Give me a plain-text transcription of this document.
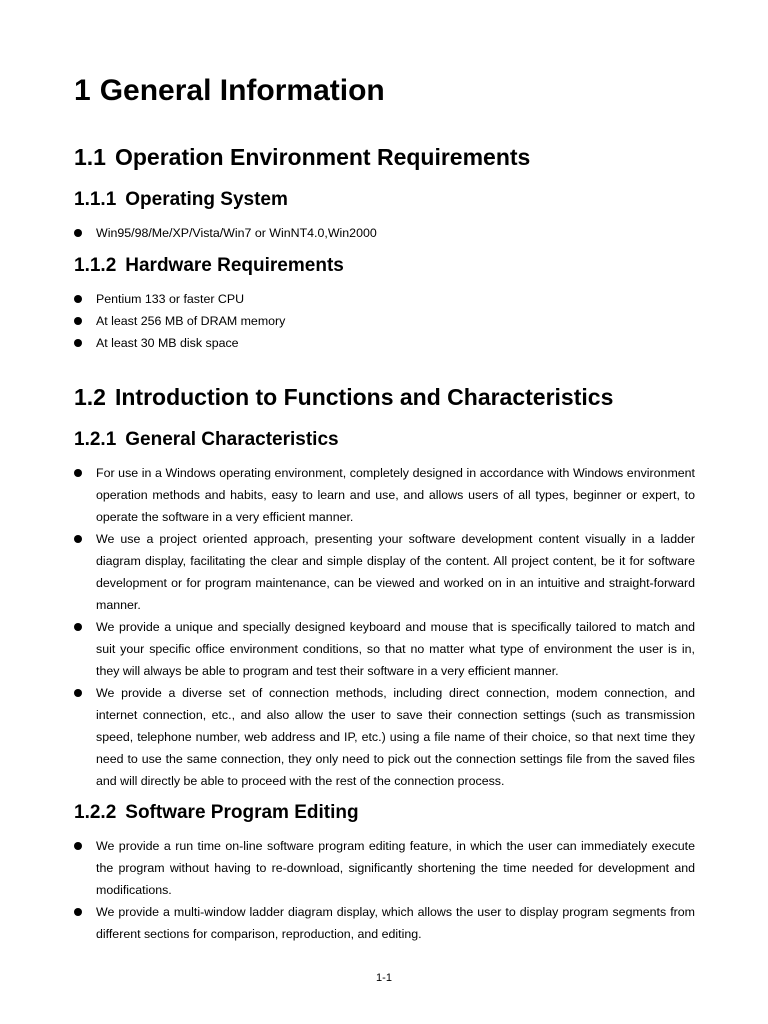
1 General Information
1.1 Operation Environment Requirements
1.1.1 Operating System
Win95/98/Me/XP/Vista/Win7 or WinNT4.0,Win2000
1.1.2 Hardware Requirements
Pentium 133 or faster CPU
At least 256 MB of DRAM memory
At least 30 MB disk space
1.2 Introduction to Functions and Characteristics
1.2.1 General Characteristics
For use in a Windows operating environment, completely designed in accordance with Windows environment operation methods and habits, easy to learn and use, and allows users of all types, beginner or expert, to operate the software in a very efficient manner.
We use a project oriented approach, presenting your software development content visually in a ladder diagram display, facilitating the clear and simple display of the content. All project content, be it for software development or for program maintenance, can be viewed and worked on in an intuitive and straight-forward manner.
We provide a unique and specially designed keyboard and mouse that is specifically tailored to match and suit your specific office environment conditions, so that no matter what type of environment the user is in, they will always be able to program and test their software in a very efficient manner.
We provide a diverse set of connection methods, including direct connection, modem connection, and internet connection, etc., and also allow the user to save their connection settings (such as transmission speed, telephone number, web address and IP, etc.) using a file name of their choice, so that next time they need to use the same connection, they only need to pick out the connection settings file from the saved files and will directly be able to proceed with the rest of the connection process.
1.2.2 Software Program Editing
We provide a run time on-line software program editing feature, in which the user can immediately execute the program without having to re-download, significantly shortening the time needed for development and modifications.
We provide a multi-window ladder diagram display, which allows the user to display program segments from different sections for comparison, reproduction, and editing.
1-1
